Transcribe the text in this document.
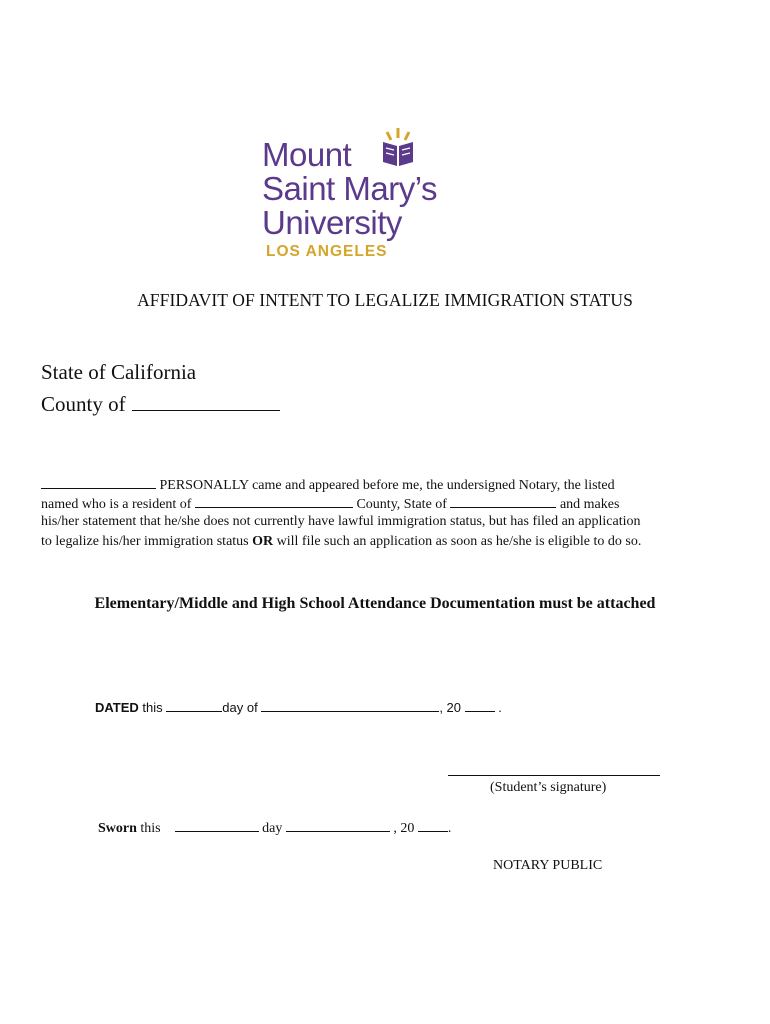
Mount
Saint Mary’s
University
LOS ANGELES
AFFIDAVIT OF INTENT TO LEGALIZE IMMIGRATION STATUS
State of California
County of
PERSONALLY came and appeared before me, the undersigned Notary, the listed
named who is a resident of	County, State of	and makes
his/her statement that he/she does not currently have lawful immigration status, but has filed an application
to legalize his/her immigration status OR will file such an application as soon as he/she is eligible to do so.
Elementary/Middle and High School Attendance Documentation must be attached
DATED this	day of	, 20  .
(Student’s signature)
Sworn this	day	, 20 .
NOTARY PUBLIC
